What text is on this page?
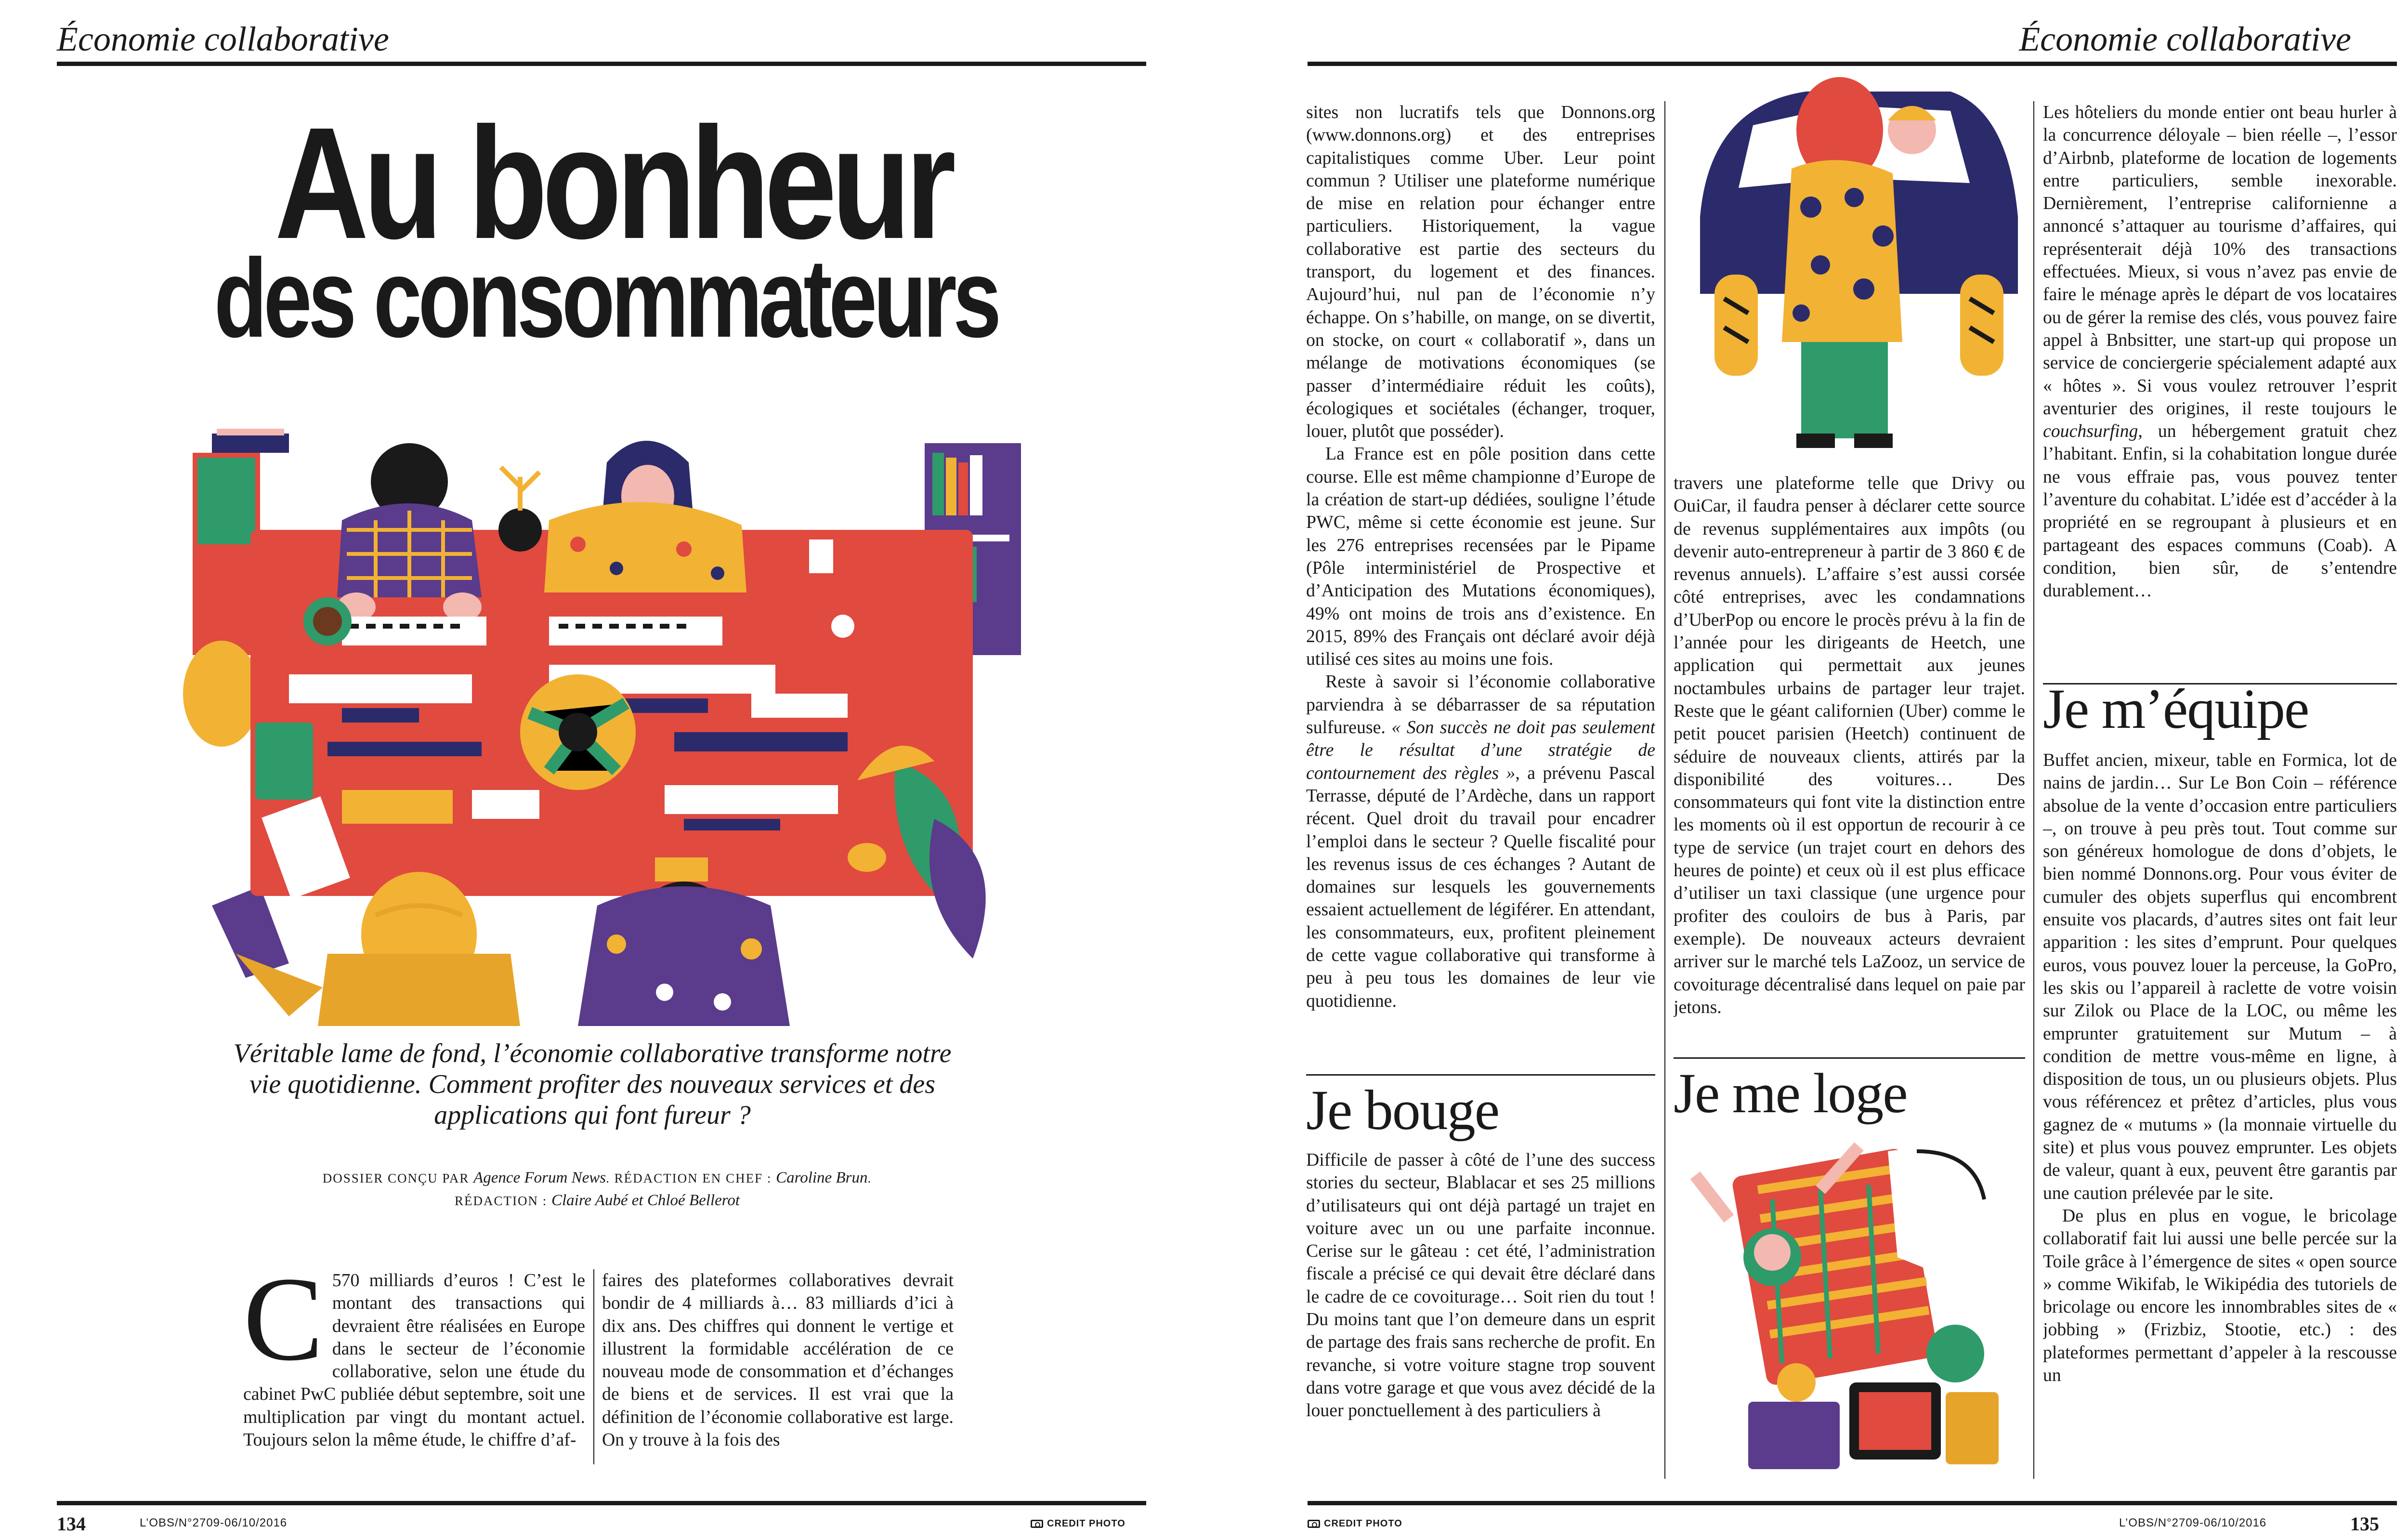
Économie collaborative
Au bonheur
des consommateurs
Véritable lame de fond, l’économie collaborative transforme notre vie quotidienne. Comment profiter des nouveaux services et des applications qui font fureur ?
DOSSIER CONÇU PAR Agence Forum News. RÉDACTION EN CHEF : Caroline Brun.
RÉDACTION : Claire Aubé et Chloé Bellerot
C 570 milliards d’euros ! C’est le montant des transactions qui devraient être réalisées en Europe dans le secteur de l’économie collaborative, selon une étude du cabinet PwC publiée début septembre, soit une multiplication par vingt du montant actuel. Toujours selon la même étude, le chiffre d’af-
faires des plateformes collaboratives devrait bondir de 4 milliards à… 83 milliards d’ici à dix ans. Des chiffres qui donnent le vertige et illustrent la formidable accélération de ce nouveau mode de consommation et d’échanges de biens et de services. Il est vrai que la définition de l’économie collaborative est large. On y trouve à la fois des
134	L’OBS/N°2709-06/10/2016	CREDIT PHOTO
Économie collaborative

sites non lucratifs tels que Donnons.org (www.donnons.org) et des entreprises capitalistiques comme Uber. Leur point commun ? Utiliser une plateforme numérique de mise en relation pour échanger entre particuliers. Historiquement, la vague collaborative est partie des secteurs du transport, du logement et des finances. Aujourd’hui, nul pan de l’économie n’y échappe. On s’habille, on mange, on se divertit, on stocke, on court « collaboratif », dans un mélange de motivations économiques (se passer d’intermédiaire réduit les coûts), écologiques et sociétales (échanger, troquer, louer, plutôt que posséder).

La France est en pôle position dans cette course. Elle est même championne d’Europe de la création de start-up dédiées, souligne l’étude PWC, même si cette économie est jeune. Sur les 276 entreprises recensées par le Pipame (Pôle interministériel de Prospective et d’Anticipation des Mutations économiques), 49% ont moins de trois ans d’existence. En 2015, 89% des Français ont déclaré avoir déjà utilisé ces sites au moins une fois.

Reste à savoir si l’économie collaborative parviendra à se débarrasser de sa réputation sulfureuse. « Son succès ne doit pas seulement être le résultat d’une stratégie de contournement des règles », a prévenu Pascal Terrasse, député de l’Ardèche, dans un rapport récent. Quel droit du travail pour encadrer l’emploi dans le secteur ? Quelle fiscalité pour les revenus issus de ces échanges ? Autant de domaines sur lesquels les gouvernements essaient actuellement de légiférer. En attendant, les consommateurs, eux, profitent pleinement de cette vague collaborative qui transforme à peu à peu tous les domaines de leur vie quotidienne.

Je bouge

Difficile de passer à côté de l’une des success stories du secteur, Blablacar et ses 25 millions d’utilisateurs qui ont déjà partagé un trajet en voiture avec un ou une parfaite inconnue. Cerise sur le gâteau : cet été, l’administration fiscale a précisé ce qui devait être déclaré dans le cadre de ce covoiturage… Soit rien du tout ! Du moins tant que l’on demeure dans un esprit de partage des frais sans recherche de profit. En revanche, si votre voiture stagne trop souvent dans votre garage et que vous avez décidé de la louer ponctuellement à des particuliers à

travers une plateforme telle que Drivy ou OuiCar, il faudra penser à déclarer cette source de revenus supplémentaires aux impôts (ou devenir auto-entrepreneur à partir de 3 860 € de revenus annuels). L’affaire s’est aussi corsée côté entreprises, avec les condamnations d’UberPop ou encore le procès prévu à la fin de l’année pour les dirigeants de Heetch, une application qui permettait aux jeunes noctambules urbains de partager leur trajet. Reste que le géant californien (Uber) comme le petit poucet parisien (Heetch) continuent de séduire de nouveaux clients, attirés par la disponibilité des voitures… Des consommateurs qui font vite la distinction entre les moments où il est opportun de recourir à ce type de service (un trajet court en dehors des heures de pointe) et ceux où il est plus efficace d’utiliser un taxi classique (une urgence pour profiter des couloirs de bus à Paris, par exemple). De nouveaux acteurs devraient arriver sur le marché tels LaZooz, un service de covoiturage décentralisé dans lequel on paie par jetons.

Je me loge

Les hôteliers du monde entier ont beau hurler à la concurrence déloyale – bien réelle –, l’essor d’Airbnb, plateforme de location de logements entre particuliers, semble inexorable. Dernièrement, l’entreprise californienne a annoncé s’attaquer au tourisme d’affaires, qui représenterait déjà 10% des transactions effectuées. Mieux, si vous n’avez pas envie de faire le ménage après le départ de vos locataires ou de gérer la remise des clés, vous pouvez faire appel à Bnbsitter, une start-up qui propose un service de conciergerie spécialement adapté aux « hôtes ». Si vous voulez retrouver l’esprit aventurier des origines, il reste toujours le couchsurfing, un hébergement gratuit chez l’habitant. Enfin, si la cohabitation longue durée ne vous effraie pas, vous pouvez tenter l’aventure du cohabitat. L’idée est d’accéder à la propriété en se regroupant à plusieurs et en partageant des espaces communs (Coab). A condition, bien sûr, de s’entendre durablement…

Je m’équipe

Buffet ancien, mixeur, table en Formica, lot de nains de jardin… Sur Le Bon Coin – référence absolue de la vente d’occasion entre particuliers –, on trouve à peu près tout. Tout comme sur son généreux homologue de dons d’objets, le bien nommé Donnons.org. Pour vous éviter de cumuler des objets superflus qui encombrent ensuite vos placards, d’autres sites ont fait leur apparition : les sites d’emprunt. Pour quelques euros, vous pouvez louer la perceuse, la GoPro, les skis ou l’appareil à raclette de votre voisin sur Zilok ou Place de la LOC, ou même les emprunter gratuitement sur Mutum – à condition de mettre vous-même en ligne, à disposition de tous, un ou plusieurs objets. Plus vous référencez et prêtez d’articles, plus vous gagnez de « mutums » (la monnaie virtuelle du site) et plus vous pouvez emprunter. Les objets de valeur, quant à eux, peuvent être garantis par une caution prélevée par le site.

De plus en plus en vogue, le bricolage collaboratif fait lui aussi une belle percée sur la Toile grâce à l’émergence de sites « open source » comme Wikifab, le Wikipédia des tutoriels de bricolage ou encore les innombrables sites de « jobbing » (Frizbiz, Stootie, etc.) : des plateformes permettant d’appeler à la rescousse un

CREDIT PHOTO	L’OBS/N°2709-06/10/2016	135
